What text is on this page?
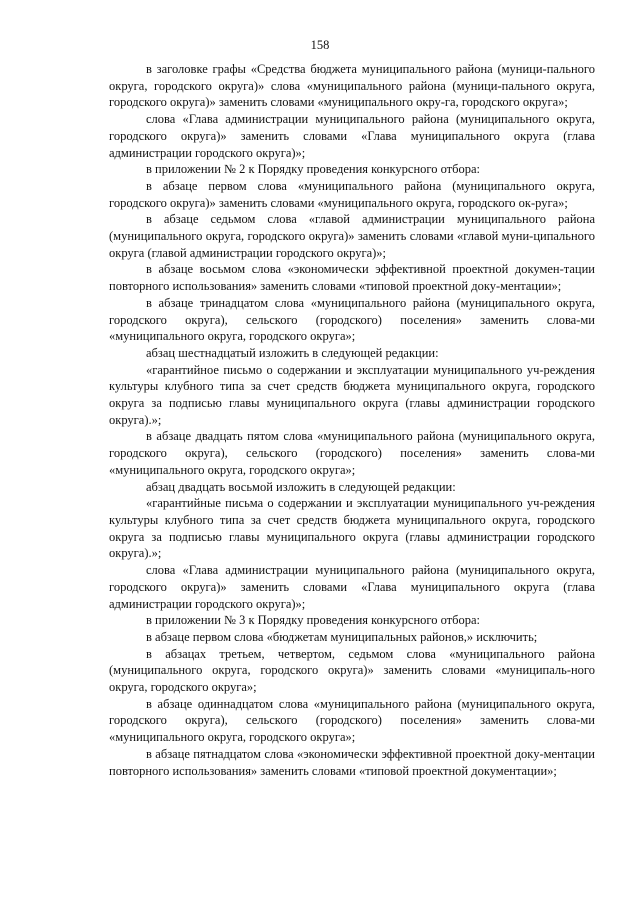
158

в заголовке графы «Средства бюджета муниципального района (муници-пального округа, городского округа)» слова «муниципального района (муници-пального округа, городского округа)» заменить словами «муниципального окру-га, городского округа»;

слова «Глава администрации муниципального района (муниципального округа, городского округа)» заменить словами «Глава муниципального округа (глава администрации городского округа)»;

в приложении № 2 к Порядку проведения конкурсного отбора:

в абзаце первом слова «муниципального района (муниципального округа, городского округа)» заменить словами «муниципального округа, городского ок-руга»;

в абзаце седьмом слова «главой администрации муниципального района (муниципального округа, городского округа)» заменить словами «главой муни-ципального округа (главой администрации городского округа)»;

в абзаце восьмом слова «экономически эффективной проектной докумен-тации повторного использования» заменить словами «типовой проектной доку-ментации»;

в абзаце тринадцатом слова «муниципального района (муниципального округа, городского округа), сельского (городского) поселения» заменить слова-ми «муниципального округа, городского округа»;

абзац шестнадцатый изложить в следующей редакции:

«гарантийное письмо о содержании и эксплуатации муниципального уч-реждения культуры клубного типа за счет средств бюджета муниципального округа, городского округа за подписью главы муниципального округа (главы администрации городского округа).»;

в абзаце двадцать пятом слова «муниципального района (муниципального округа, городского округа), сельского (городского) поселения» заменить слова-ми «муниципального округа, городского округа»;

абзац двадцать восьмой изложить в следующей редакции:

«гарантийные письма о содержании и эксплуатации муниципального уч-реждения культуры клубного типа за счет средств бюджета муниципального округа, городского округа за подписью главы муниципального округа (главы администрации городского округа).»;

слова «Глава администрации муниципального района (муниципального округа, городского округа)» заменить словами «Глава муниципального округа (глава администрации городского округа)»;

в приложении № 3 к Порядку проведения конкурсного отбора:

в абзаце первом слова «бюджетам муниципальных районов,» исключить;

в абзацах третьем, четвертом, седьмом слова «муниципального района (муниципального округа, городского округа)» заменить словами «муниципаль-ного округа, городского округа»;

в абзаце одиннадцатом слова «муниципального района (муниципального округа, городского округа), сельского (городского) поселения» заменить слова-ми «муниципального округа, городского округа»;

в абзаце пятнадцатом слова «экономически эффективной проектной доку-ментации повторного использования» заменить словами «типовой проектной документации»;
